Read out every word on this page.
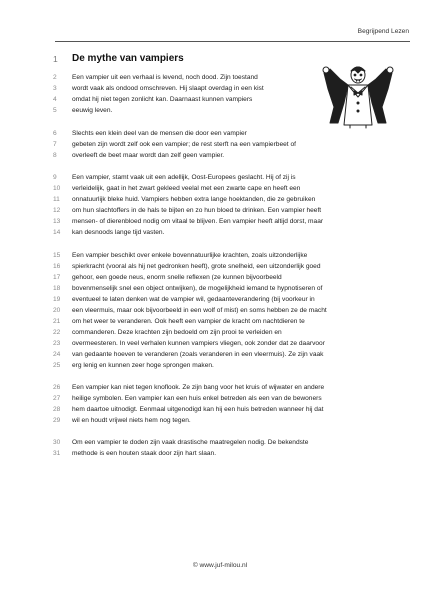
Begrijpend Lezen
1	De mythe van vampiers
2	Een vampier uit een verhaal is levend, noch dood. Zijn toestand
3	wordt vaak als ondood omschreven. Hij slaapt overdag in een kist
4	omdat hij niet tegen zonlicht kan. Daarnaast kunnen vampiers
5	eeuwig leven.
6	Slechts een klein deel van de mensen die door een vampier
7	gebeten zijn wordt zelf ook een vampier; de rest sterft na een vampierbeet of
8	overleeft de beet maar wordt dan zelf geen vampier.
9	Een vampier, stamt vaak uit een adellijk, Oost-Europees geslacht. Hij of zij is
10	verleidelijk, gaat in het zwart gekleed veelal met een zwarte cape en heeft een
11	onnatuurlijk bleke huid. Vampiers hebben extra lange hoektanden, die ze gebruiken
12	om hun slachtoffers in de hals te bijten en zo hun bloed te drinken. Een vampier heeft
13	mensen- of dierenbloed nodig om vitaal te blijven. Een vampier heeft altijd dorst, maar
14	kan desnoods lange tijd vasten.
15	Een vampier beschikt over enkele bovennatuurlijke krachten, zoals uitzonderlijke
16	spierkracht (vooral als hij net gedronken heeft), grote snelheid, een uitzonderlijk goed
17	gehoor, een goede neus, enorm snelle reflexen (ze kunnen bijvoorbeeld
18	bovenmenselijk snel een object ontwijken), de mogelijkheid iemand te hypnotiseren of
19	eventueel te laten denken wat de vampier wil, gedaanteverandering (bij voorkeur in
20	een vleermuis, maar ook bijvoorbeeld in een wolf of mist) en soms hebben ze de macht
21	om het weer te veranderen. Ook heeft een vampier de kracht om nachtdieren te
22	commanderen. Deze krachten zijn bedoeld om zijn prooi te verleiden en
23	overmeesteren. In veel verhalen kunnen vampiers vliegen, ook zonder dat ze daarvoor
24	van gedaante hoeven te veranderen (zoals veranderen in een vleermuis). Ze zijn vaak
25	erg lenig en kunnen zeer hoge sprongen maken.
26	Een vampier kan niet tegen knoflook. Ze zijn bang voor het kruis of wijwater en andere
27	heilige symbolen. Een vampier kan een huis enkel betreden als een van de bewoners
28	hem daartoe uitnodigt. Eenmaal uitgenodigd kan hij een huis betreden wanneer hij dat
29	wil en houdt vrijwel niets hem nog tegen.
30	Om een vampier te doden zijn vaak drastische maatregelen nodig. De bekendste
31	methode is een houten staak door zijn hart slaan.
© www.juf-milou.nl
